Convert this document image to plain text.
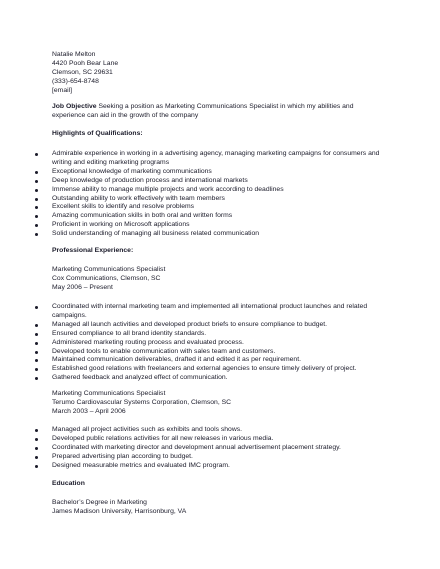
Natalie Melton

4420 Pooh Bear Lane

Clemson, SC 29631

(333)-654-8748

[email]

Job Objective Seeking a position as Marketing Communications Specialist in which my abilities and experience can aid in the growth of the company

Highlights of Qualifications:
Admirable experience in working in a advertising agency, managing marketing campaigns for consumers and writing and editing marketing programs
Exceptional knowledge of marketing communications
Deep knowledge of production process and international markets
Immense ability to manage multiple projects and work according to deadlines
Outstanding ability to work effectively with team members
Excellent skills to identify and resolve problems
Amazing communication skills in both oral and written forms
Proficient in working on Microsoft applications
Solid understanding of managing all business related communication
Professional Experience:

Marketing Communications Specialist

Cox Communications, Clemson, SC

May 2006 – Present

Coordinated with internal marketing team and implemented all international product launches and related campaigns.
Managed all launch activities and developed product briefs to ensure compliance to budget.
Ensured compliance to all brand identity standards.
Administered marketing routing process and evaluated process.
Developed tools to enable communication with sales team and customers.
Maintained communication deliverables, drafted it and edited it as per requirement.
Established good relations with freelancers and external agencies to ensure timely delivery of project.
Gathered feedback and analyzed effect of communication.

Marketing Communications Specialist

Terumo Cardiovascular Systems Corporation, Clemson, SC

March 2003 – April 2006

Managed all project activities such as exhibits and tools shows.
Developed public relations activities for all new releases in various media.
Coordinated with marketing director and development annual advertisement placement strategy.
Prepared advertising plan according to budget.
Designed measurable metrics and evaluated IMC program.
Education

Bachelor’s Degree in Marketing

James Madison University, Harrisonburg, VA
